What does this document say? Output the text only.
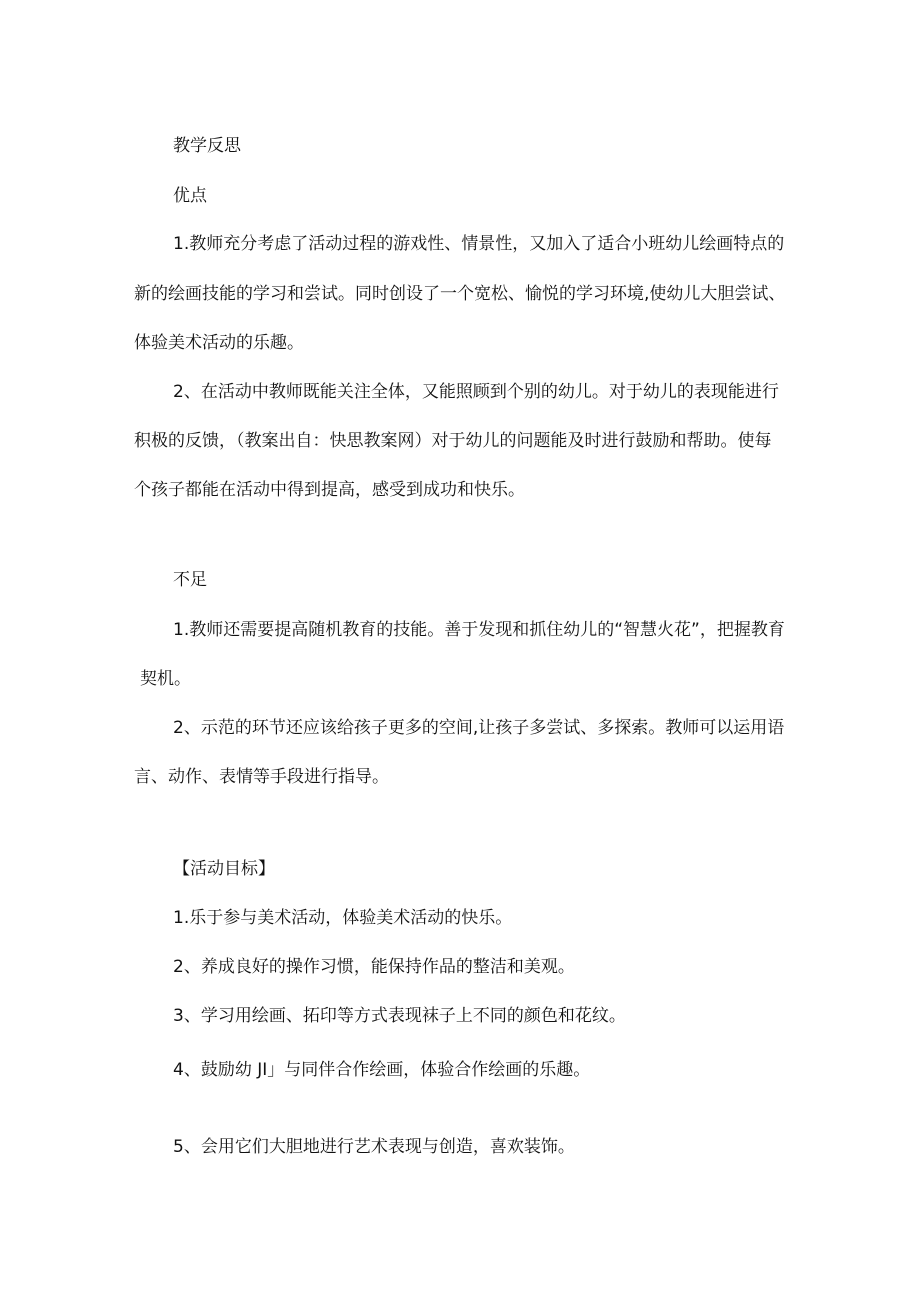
教学反思
优点
1.教师充分考虑了活动过程的游戏性、情景性，又加入了适合小班幼儿绘画特点的
新的绘画技能的学习和尝试。同时创设了一个宽松、愉悦的学习环境,使幼儿大胆尝试、
体验美术活动的乐趣。
2、在活动中教师既能关注全体，又能照顾到个别的幼儿。对于幼儿的表现能进行
积极的反馈，（教案出自：快思教案网）对于幼儿的问题能及时进行鼓励和帮助。使每
个孩子都能在活动中得到提高，感受到成功和快乐。
不足
1.教师还需要提高随机教育的技能。善于发现和抓住幼儿的“智慧火花”，把握教育
契机。
2、示范的环节还应该给孩子更多的空间,让孩子多尝试、多探索。教师可以运用语
言、动作、表情等手段进行指导。
【活动目标】
1.乐于参与美术活动，体验美术活动的快乐。
2、养成良好的操作习惯，能保持作品的整洁和美观。
3、学习用绘画、拓印等方式表现袜子上不同的颜色和花纹。
4、鼓励幼 JI」与同伴合作绘画，体验合作绘画的乐趣。
5、会用它们大胆地进行艺术表现与创造，喜欢装饰。
